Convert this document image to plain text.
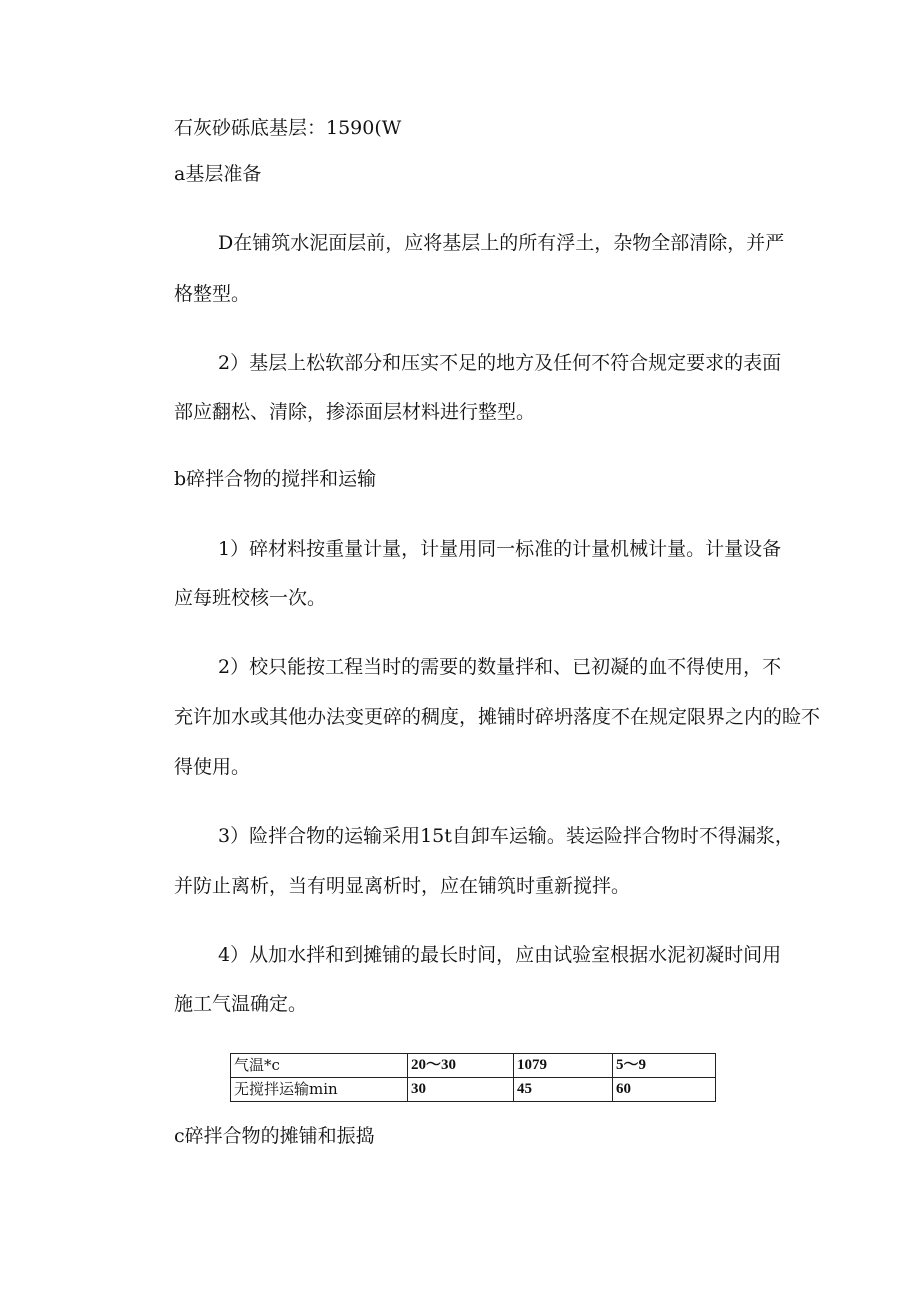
石灰砂砾底基层：1590(W
a基层准备
D在铺筑水泥面层前，应将基层上的所有浮土，杂物全部清除，并严
格整型。
2）基层上松软部分和压实不足的地方及任何不符合规定要求的表面
部应翻松、清除，掺添面层材料进行整型。
b碎拌合物的搅拌和运输
1）碎材料按重量计量，计量用同一标准的计量机械计量。计量设备
应每班校核一次。
2）校只能按工程当时的需要的数量拌和、已初凝的血不得使用，不
充许加水或其他办法变更碎的稠度，摊铺时碎坍落度不在规定限界之内的睑不
得使用。
3）险拌合物的运输采用15t自卸车运输。装运险拌合物时不得漏浆，
并防止离析，当有明显离析时，应在铺筑时重新搅拌。
4）从加水拌和到摊铺的最长时间，应由试验室根据水泥初凝时间用
施工气温确定。
气温*c	20～30	1079	5～9
无搅拌运输min	30	45	60
c碎拌合物的摊铺和振捣
